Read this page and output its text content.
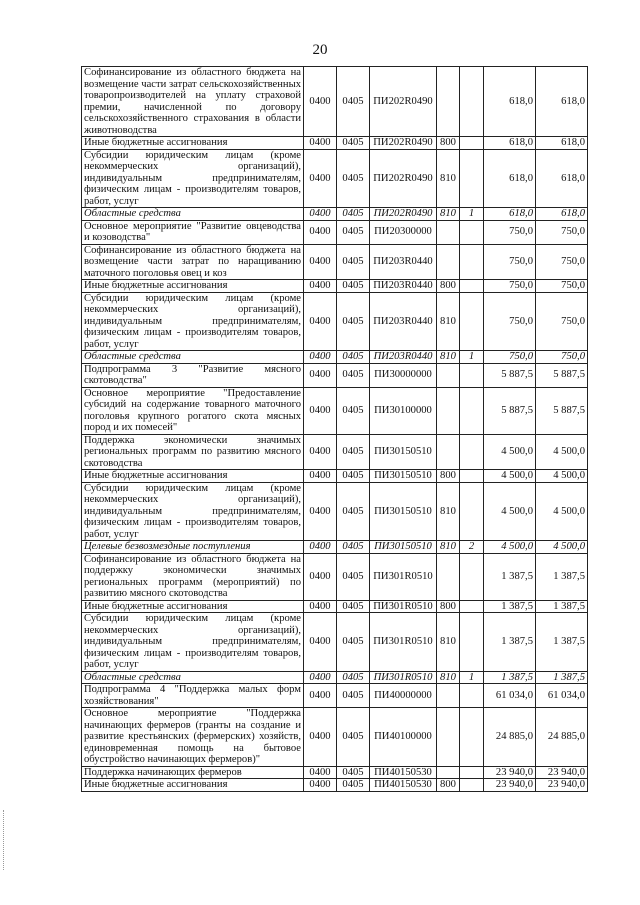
20
Софинансирование из областного бюджета на возмещение части затрат сельскохозяйственных товаропроизводителей на уплату страховой премии, начисленной по договору сельскохозяйственного страхования в области животноводства	0400	0405	ПИ202R0490			618,0	618,0
Иные бюджетные ассигнования	0400	0405	ПИ202R0490	800		618,0	618,0
Субсидии юридическим лицам (кроме некоммерческих организаций), индивидуальным предпринимателям, физическим лицам - производителям товаров, работ, услуг	0400	0405	ПИ202R0490	810		618,0	618,0
Областные средства	0400	0405	ПИ202R0490	810	1	618,0	618,0
Основное мероприятие "Развитие овцеводства и козоводства"	0400	0405	ПИ20300000			750,0	750,0
Софинансирование из областного бюджета на возмещение части затрат по наращиванию маточного поголовья овец и коз	0400	0405	ПИ203R0440			750,0	750,0
Иные бюджетные ассигнования	0400	0405	ПИ203R0440	800		750,0	750,0
Субсидии юридическим лицам (кроме некоммерческих организаций), индивидуальным предпринимателям, физическим лицам - производителям товаров, работ, услуг	0400	0405	ПИ203R0440	810		750,0	750,0
Областные средства	0400	0405	ПИ203R0440	810	1	750,0	750,0
Подпрограмма 3 "Развитие мясного скотоводства"	0400	0405	ПИ30000000			5 887,5	5 887,5
Основное мероприятие "Предоставление субсидий на содержание товарного маточного поголовья крупного рогатого скота мясных пород и их помесей"	0400	0405	ПИ30100000			5 887,5	5 887,5
Поддержка экономически значимых региональных программ по развитию мясного скотоводства	0400	0405	ПИ30150510			4 500,0	4 500,0
Иные бюджетные ассигнования	0400	0405	ПИ30150510	800		4 500,0	4 500,0
Субсидии юридическим лицам (кроме некоммерческих организаций), индивидуальным предпринимателям, физическим лицам - производителям товаров, работ, услуг	0400	0405	ПИ30150510	810		4 500,0	4 500,0
Целевые безвозмездные поступления	0400	0405	ПИ30150510	810	2	4 500,0	4 500,0
Софинансирование из областного бюджета на поддержку экономически значимых региональных программ (мероприятий) по развитию мясного скотоводства	0400	0405	ПИ301R0510			1 387,5	1 387,5
Иные бюджетные ассигнования	0400	0405	ПИ301R0510	800		1 387,5	1 387,5
Субсидии юридическим лицам (кроме некоммерческих организаций), индивидуальным предпринимателям, физическим лицам - производителям товаров, работ, услуг	0400	0405	ПИ301R0510	810		1 387,5	1 387,5
Областные средства	0400	0405	ПИ301R0510	810	1	1 387,5	1 387,5
Подпрограмма 4 "Поддержка малых форм хозяйствования"	0400	0405	ПИ40000000			61 034,0	61 034,0
Основное мероприятие "Поддержка начинающих фермеров (гранты на создание и развитие крестьянских (фермерских) хозяйств, единовременная помощь на бытовое обустройство начинающих фермеров)"	0400	0405	ПИ40100000			24 885,0	24 885,0
Поддержка начинающих фермеров	0400	0405	ПИ40150530			23 940,0	23 940,0
Иные бюджетные ассигнования	0400	0405	ПИ40150530	800		23 940,0	23 940,0
